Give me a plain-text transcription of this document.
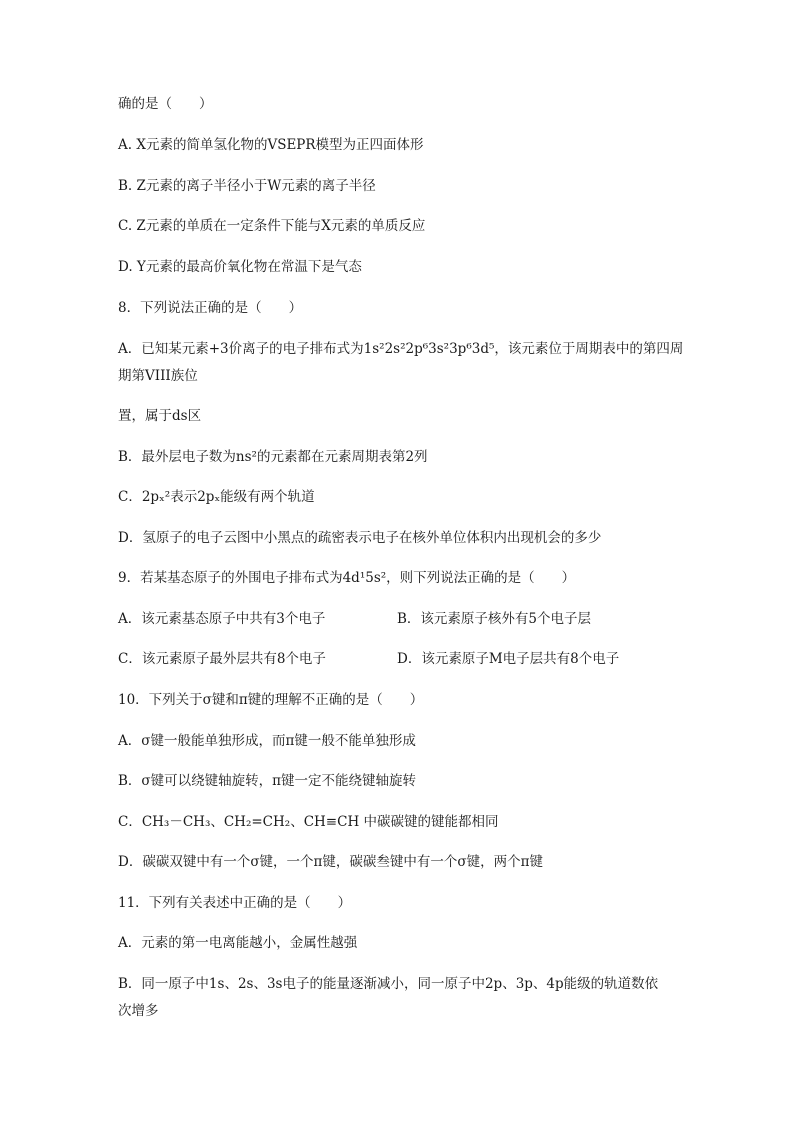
确的是（　　）
A. X元素的简单氢化物的VSEPR模型为正四面体形
B. Z元素的离子半径小于W元素的离子半径
C. Z元素的单质在一定条件下能与X元素的单质反应
D. Y元素的最高价氧化物在常温下是气态
8．下列说法正确的是（　　）
A．已知某元素+3价离子的电子排布式为1s²2s²2p⁶3s²3p⁶3d⁵，该元素位于周期表中的第四周
期第VIII族位
置，属于ds区
B．最外层电子数为ns²的元素都在元素周期表第2列
C．2pₓ²表示2pₓ能级有两个轨道
D．氢原子的电子云图中小黑点的疏密表示电子在核外单位体积内出现机会的多少
9．若某基态原子的外围电子排布式为4d¹5s²，则下列说法正确的是（　　）
A．该元素基态原子中共有3个电子	B．该元素原子核外有5个电子层
C．该元素原子最外层共有8个电子	D．该元素原子M电子层共有8个电子
10．下列关于σ键和π键的理解不正确的是（　　）
A．σ键一般能单独形成，而π键一般不能单独形成
B．σ键可以绕键轴旋转，π键一定不能绕键轴旋转
C．CH₃－CH₃、CH₂=CH₂、CH≡CH 中碳碳键的键能都相同
D．碳碳双键中有一个σ键，一个π键，碳碳叁键中有一个σ键，两个π键
11．下列有关表述中正确的是（　　）
A．元素的第一电离能越小，金属性越强
B．同一原子中1s、2s、3s电子的能量逐渐减小，同一原子中2p、3p、4p能级的轨道数依
次增多
